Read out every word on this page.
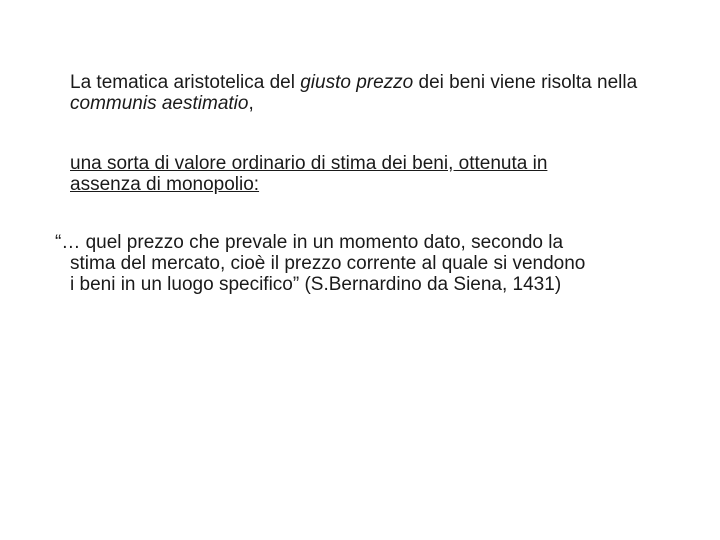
La tematica aristotelica del giusto prezzo dei beni viene risolta nella communis aestimatio,
una sorta di valore ordinario di stima dei beni, ottenuta in
assenza di monopolio:
“… quel prezzo che prevale in un momento dato, secondo la
stima del mercato, cioè il prezzo corrente al quale si vendono
i beni in un luogo specifico” (S.Bernardino da Siena, 1431)
